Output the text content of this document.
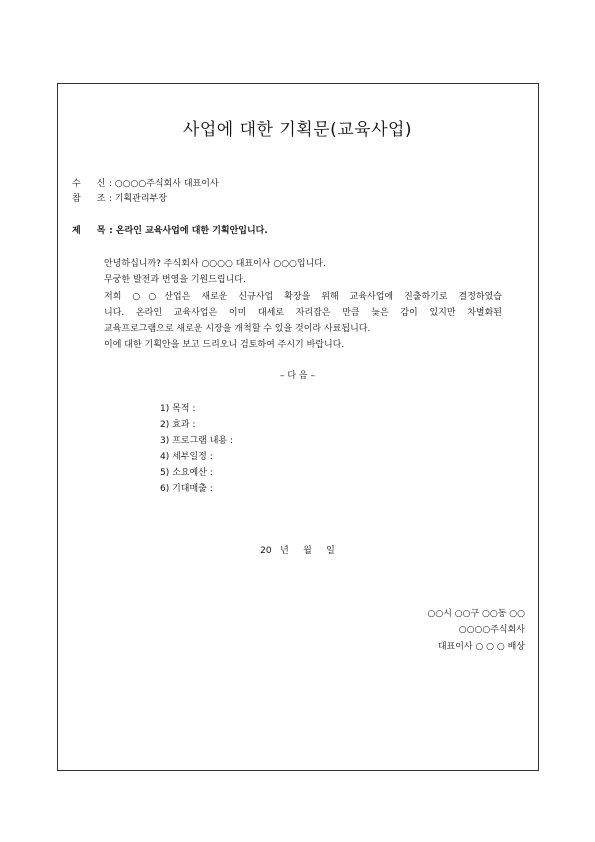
사업에 대한 기획문(교육사업)
수 신 : ○○○○주식회사 대표이사
참 조 : 기획관리부장
제 목 : 온라인 교육사업에 대한 기획안입니다.
안녕하십니까? 주식회사 ○○○○ 대표이사 ○○○입니다.
무궁한 발전과 번영을 기원드립니다.
저희 ○○산업은 새로운 신규사업 확장을 위해 교육사업에 진출하기로 결정하였습
니다. 온라인 교육사업은 이미 대세로 자리잡은 만큼 늦은 감이 있지만 차별화된
교육프로그램으로 새로운 시장을 개척할 수 있을 것이라 사료됩니다.
이에 대한 기획안을 보고 드리오니 검토하여 주시기 바랍니다.
– 다 음 –
1) 목적 :
2) 효과 :
3) 프로그램 내용 :
4) 세부일정 :
5) 소요예산 :
6) 기대매출 :
20   년     월     일
○○시 ○○구 ○○동 ○○
○○○○주식회사
대표이사 ○ ○ ○ 배상
